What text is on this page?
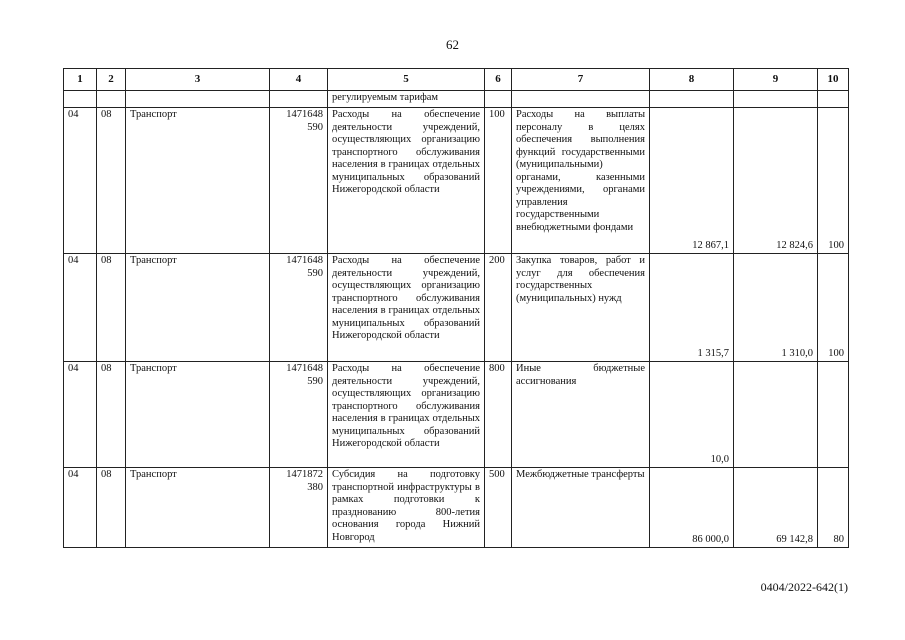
62
1	2	3	4	5	6	7	8	9	10
				регулируемым тарифам					
04	08	Транспорт	1471648 590	Расходы на обеспечение деятельности учреждений, осуществляющих организацию транспортного обслуживания населения в границах отдельных муниципальных образований Нижегородской области	100	Расходы на выплаты персоналу в целях обеспечения выполнения функций государственными (муниципальными) органами, казенными учреждениями, органами управления государственными внебюджетными фондами	12 867,1	12 824,6	100
04	08	Транспорт	1471648 590	Расходы на обеспечение деятельности учреждений, осуществляющих организацию транспортного обслуживания населения в границах отдельных муниципальных образований Нижегородской области	200	Закупка товаров, работ и услуг для обеспечения государственных (муниципальных) нужд	1 315,7	1 310,0	100
04	08	Транспорт	1471648 590	Расходы на обеспечение деятельности учреждений, осуществляющих организацию транспортного обслуживания населения в границах отдельных муниципальных образований Нижегородской области	800	Иные бюджетные ассигнования	10,0		
04	08	Транспорт	1471872 380	Субсидия на подготовку транспортной инфраструктуры в рамках подготовки к празднованию 800-летия основания города Нижний Новгород	500	Межбюджетные трансферты	86 000,0	69 142,8	80
0404/2022-642(1)
